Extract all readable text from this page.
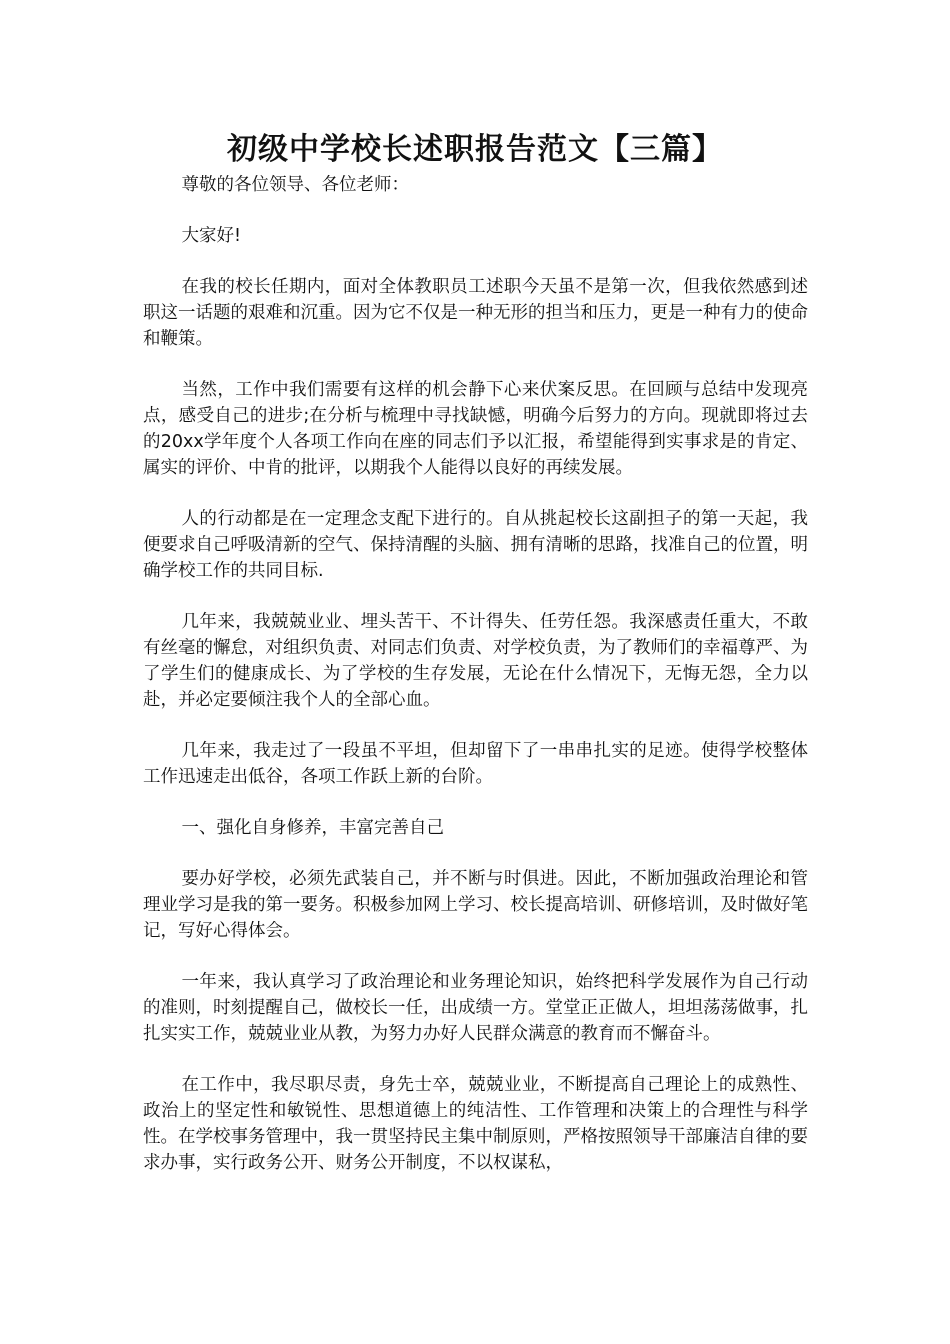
初级中学校长述职报告范文【三篇】

尊敬的各位领导、各位老师：

大家好!

在我的校长任期内，面对全体教职员工述职今天虽不是第一次，但我依然感到述职这一话题的艰难和沉重。因为它不仅是一种无形的担当和压力，更是一种有力的使命和鞭策。

当然，工作中我们需要有这样的机会静下心来伏案反思。在回顾与总结中发现亮点，感受自己的进步;在分析与梳理中寻找缺憾，明确今后努力的方向。现就即将过去的20xx学年度个人各项工作向在座的同志们予以汇报，希望能得到实事求是的肯定、属实的评价、中肯的批评，以期我个人能得以良好的再续发展。

人的行动都是在一定理念支配下进行的。自从挑起校长这副担子的第一天起，我便要求自己呼吸清新的空气、保持清醒的头脑、拥有清晰的思路，找准自己的位置，明确学校工作的共同目标.

几年来，我兢兢业业、埋头苦干、不计得失、任劳任怨。我深感责任重大，不敢有丝毫的懈怠，对组织负责、对同志们负责、对学校负责，为了教师们的幸福尊严、为了学生们的健康成长、为了学校的生存发展，无论在什么情况下，无悔无怨，全力以赴，并必定要倾注我个人的全部心血。

几年来，我走过了一段虽不平坦，但却留下了一串串扎实的足迹。使得学校整体工作迅速走出低谷，各项工作跃上新的台阶。

一、强化自身修养，丰富完善自己

要办好学校，必须先武装自己，并不断与时俱进。因此，不断加强政治理论和管理业学习是我的第一要务。积极参加网上学习、校长提高培训、研修培训，及时做好笔记，写好心得体会。

一年来，我认真学习了政治理论和业务理论知识，始终把科学发展作为自己行动的准则，时刻提醒自己，做校长一任，出成绩一方。堂堂正正做人，坦坦荡荡做事，扎扎实实工作，兢兢业业从教，为努力办好人民群众满意的教育而不懈奋斗。

在工作中，我尽职尽责，身先士卒，兢兢业业，不断提高自己理论上的成熟性、政治上的坚定性和敏锐性、思想道德上的纯洁性、工作管理和决策上的合理性与科学性。在学校事务管理中，我一贯坚持民主集中制原则，严格按照领导干部廉洁自律的要求办事，实行政务公开、财务公开制度，不以权谋私，
